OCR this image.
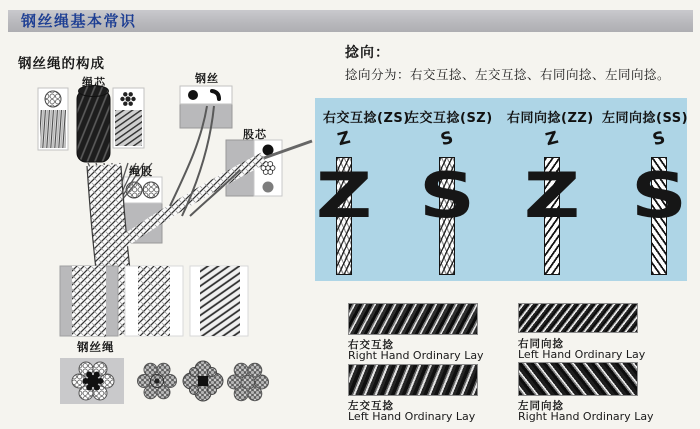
钢丝绳基本常识
钢丝绳的构成
绳芯	钢丝
股芯
绳股
钢丝绳
捻向：
捻向分为：右交互捻、左交互捻、右同向捻、左同向捻。
右交互捻(ZS)
左交互捻(SZ) 右同向捻(ZZ) 左同向捻(SS)
Z
Z
S
S
Z
Z
S
S
右交互捻
Right Hand Ordinary Lay
右同向捻
Left Hand Ordinary Lay
左交互捻
Left Hand Ordinary Lay
左同向捻
Right Hand Ordinary Lay
